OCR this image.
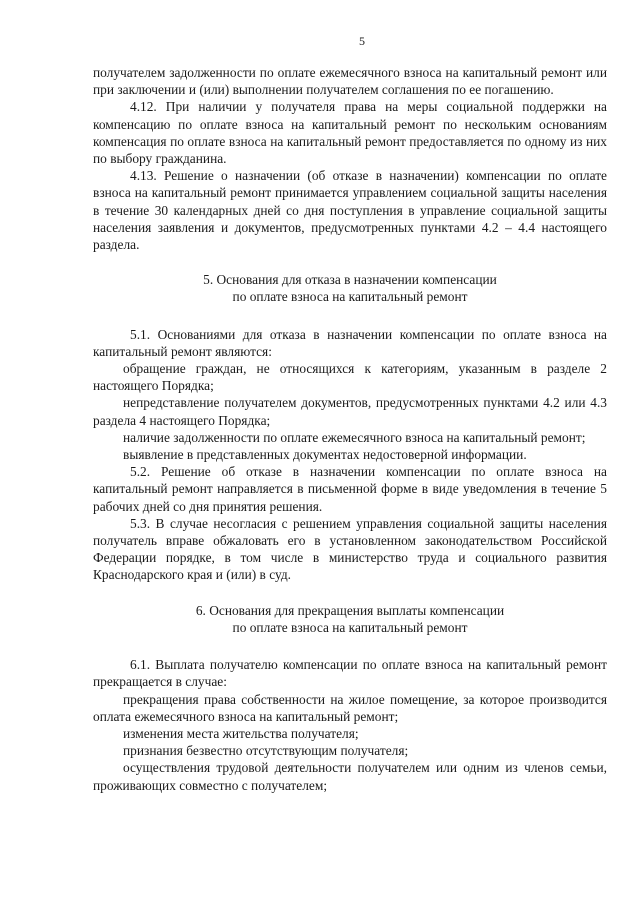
5

получателем задолженности по оплате ежемесячного взноса на капитальный ремонт или при заключении и (или) выполнении получателем соглашения по ее погашению.

4.12. При наличии у получателя права на меры социальной поддержки на компенсацию по оплате взноса на капитальный ремонт по нескольким основаниям компенсация по оплате взноса на капитальный ремонт предоставляется по одному из них по выбору гражданина.

4.13. Решение о назначении (об отказе в назначении) компенсации по оплате взноса на капитальный ремонт принимается управлением социальной защиты населения в течение 30 календарных дней со дня поступления в управление социальной защиты населения заявления и документов, предусмотренных пунктами 4.2 – 4.4 настоящего раздела.

5. Основания для отказа в назначении компенсации
по оплате взноса на капитальный ремонт

5.1. Основаниями для отказа в назначении компенсации по оплате взноса на капитальный ремонт являются:

обращение граждан, не относящихся к категориям, указанным в разделе 2 настоящего Порядка;

непредставление получателем документов, предусмотренных пунктами 4.2 или 4.3 раздела 4 настоящего Порядка;

наличие задолженности по оплате ежемесячного взноса на капитальный ремонт;

выявление в представленных документах недостоверной информации.

5.2. Решение об отказе в назначении компенсации по оплате взноса на капитальный ремонт направляется в письменной форме в виде уведомления в течение 5 рабочих дней со дня принятия решения.

5.3. В случае несогласия с решением управления социальной защиты населения получатель вправе обжаловать его в установленном законодательством Российской Федерации порядке, в том числе в министерство труда и социального развития Краснодарского края и (или) в суд.

6. Основания для прекращения выплаты компенсации
по оплате взноса на капитальный ремонт

6.1. Выплата получателю компенсации по оплате взноса на капитальный ремонт прекращается в случае:

прекращения права собственности на жилое помещение, за которое производится оплата ежемесячного взноса на капитальный ремонт;

изменения места жительства получателя;

признания безвестно отсутствующим получателя;

осуществления трудовой деятельности получателем или одним из членов семьи, проживающих совместно с получателем;
